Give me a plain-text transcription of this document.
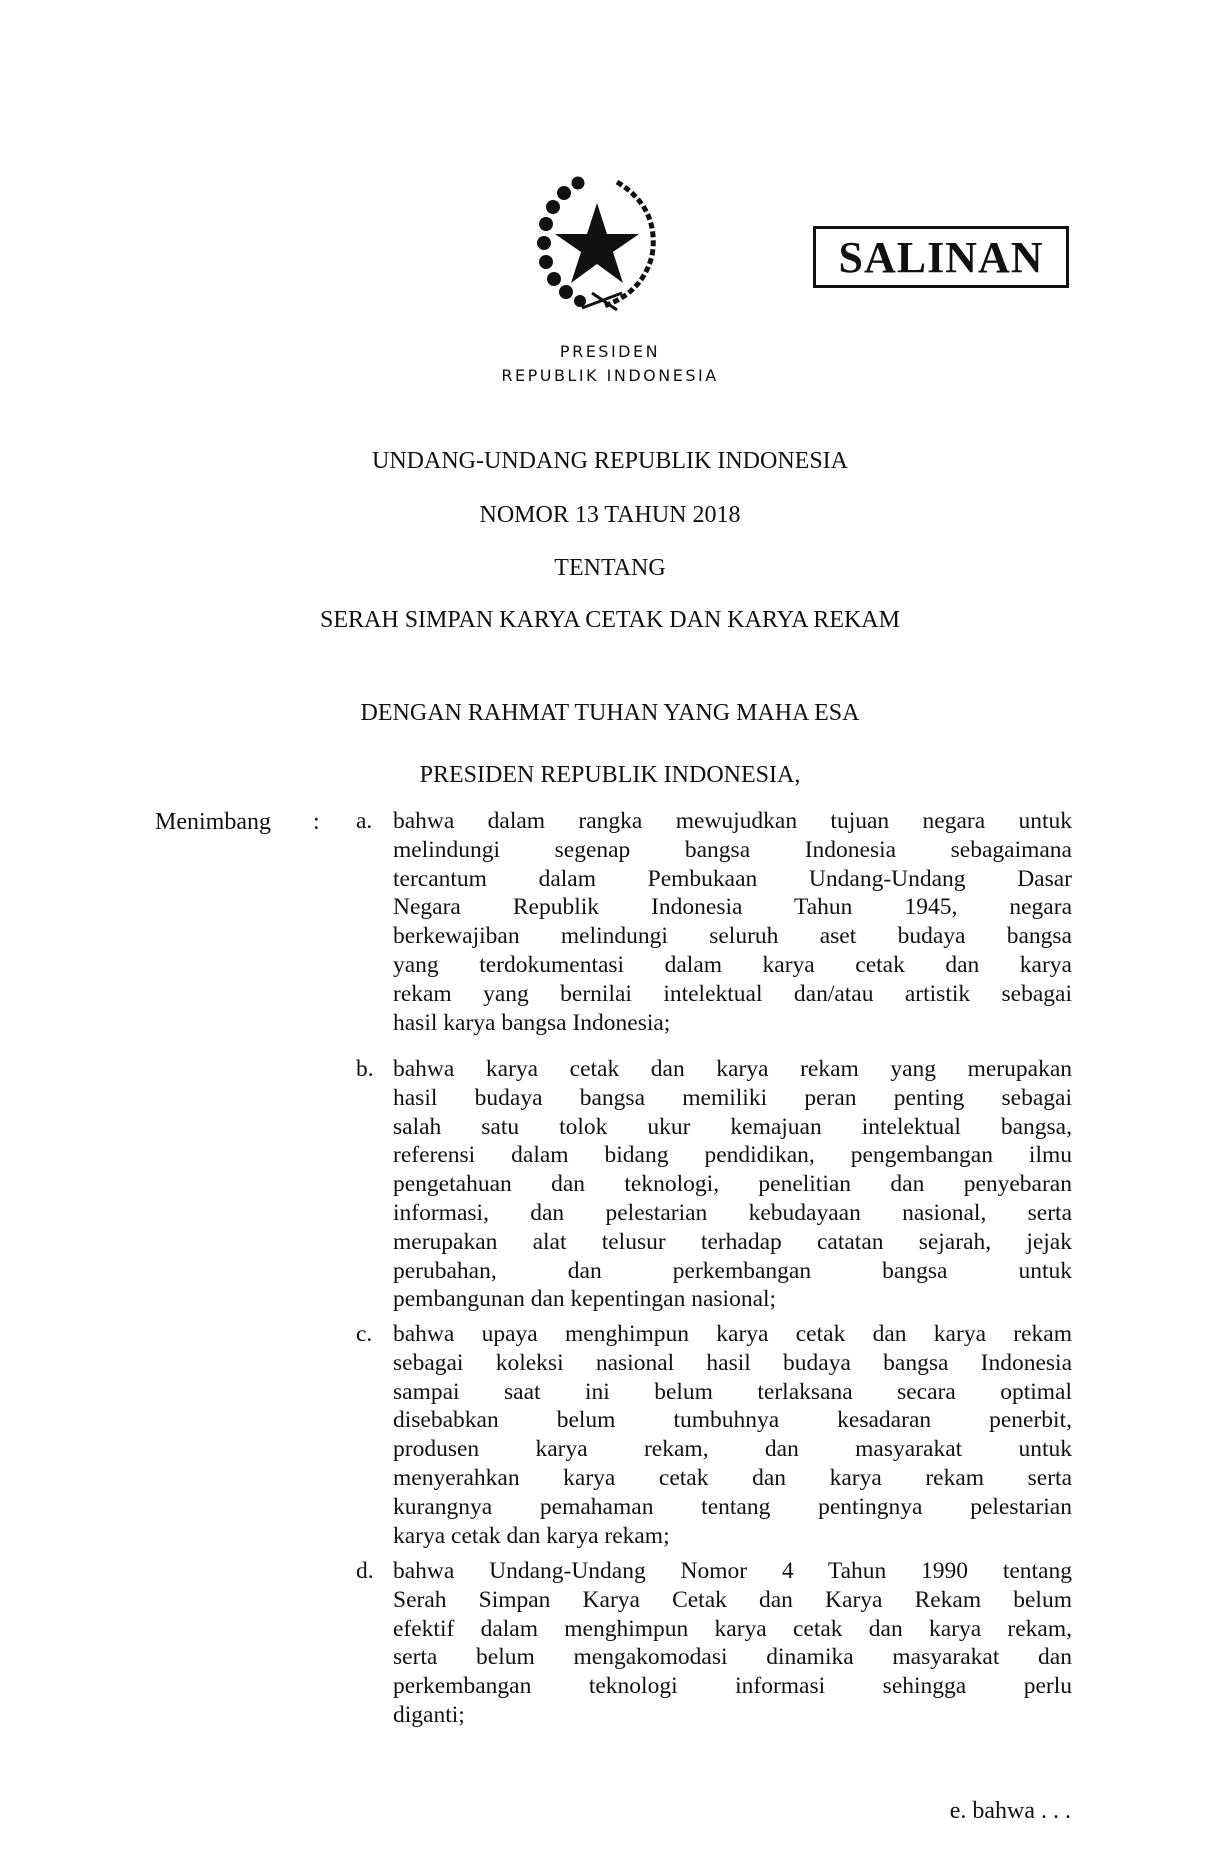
SALINAN
PRESIDEN
REPUBLIK INDONESIA
UNDANG-UNDANG REPUBLIK INDONESIA
NOMOR 13 TAHUN 2018
TENTANG
SERAH SIMPAN KARYA CETAK DAN KARYA REKAM
DENGAN RAHMAT TUHAN YANG MAHA ESA
PRESIDEN REPUBLIK INDONESIA,
Menimbang : a. bahwa dalam rangka mewujudkan tujuan negara untuk
melindungi segenap bangsa Indonesia sebagaimana
tercantum dalam Pembukaan Undang-Undang Dasar
Negara Republik Indonesia Tahun 1945, negara
berkewajiban melindungi seluruh aset budaya bangsa
yang terdokumentasi dalam karya cetak dan karya
rekam yang bernilai intelektual dan/atau artistik sebagai
hasil karya bangsa Indonesia;
b. bahwa karya cetak dan karya rekam yang merupakan
hasil budaya bangsa memiliki peran penting sebagai
salah satu tolok ukur kemajuan intelektual bangsa,
referensi dalam bidang pendidikan, pengembangan ilmu
pengetahuan dan teknologi, penelitian dan penyebaran
informasi, dan pelestarian kebudayaan nasional, serta
merupakan alat telusur terhadap catatan sejarah, jejak
perubahan, dan perkembangan bangsa untuk
pembangunan dan kepentingan nasional;
c. bahwa upaya menghimpun karya cetak dan karya rekam
sebagai koleksi nasional hasil budaya bangsa Indonesia
sampai saat ini belum terlaksana secara optimal
disebabkan belum tumbuhnya kesadaran penerbit,
produsen karya rekam, dan masyarakat untuk
menyerahkan karya cetak dan karya rekam serta
kurangnya pemahaman tentang pentingnya pelestarian
karya cetak dan karya rekam;
d. bahwa Undang-Undang Nomor 4 Tahun 1990 tentang
Serah Simpan Karya Cetak dan Karya Rekam belum
efektif dalam menghimpun karya cetak dan karya rekam,
serta belum mengakomodasi dinamika masyarakat dan
perkembangan teknologi informasi sehingga perlu
diganti;
e. bahwa . . .
